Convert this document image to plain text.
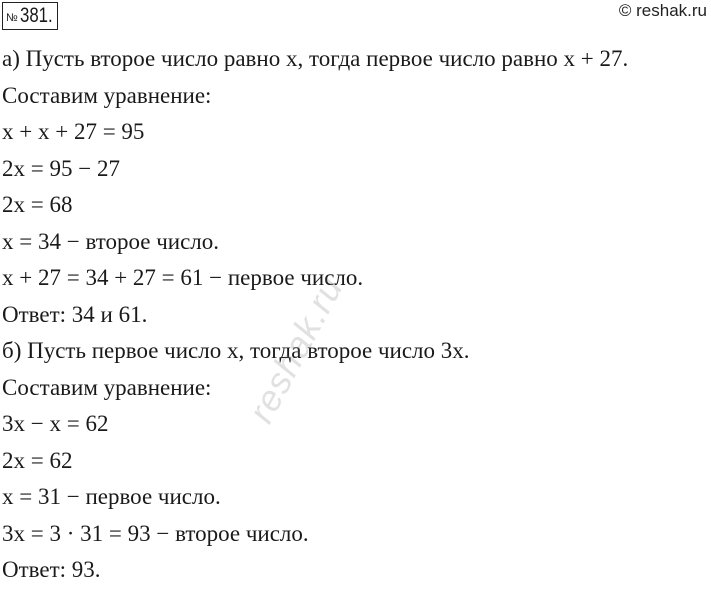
№ 381.	© reshak.ru
а) Пусть второе число равно x, тогда первое число равно x + 27.
Составим уравнение:
x + x + 27 = 95
2x = 95 − 27
2x = 68
x = 34 − второе число.
x + 27 = 34 + 27 = 61 − первое число.
Ответ: 34 и 61.
б) Пусть первое число x, тогда второе число 3x.
Составим уравнение:
3x − x = 62
2x = 62
x = 31 − первое число.
3x = 3 · 31 = 93 − второе число.
Ответ: 93.
reshak.ru
